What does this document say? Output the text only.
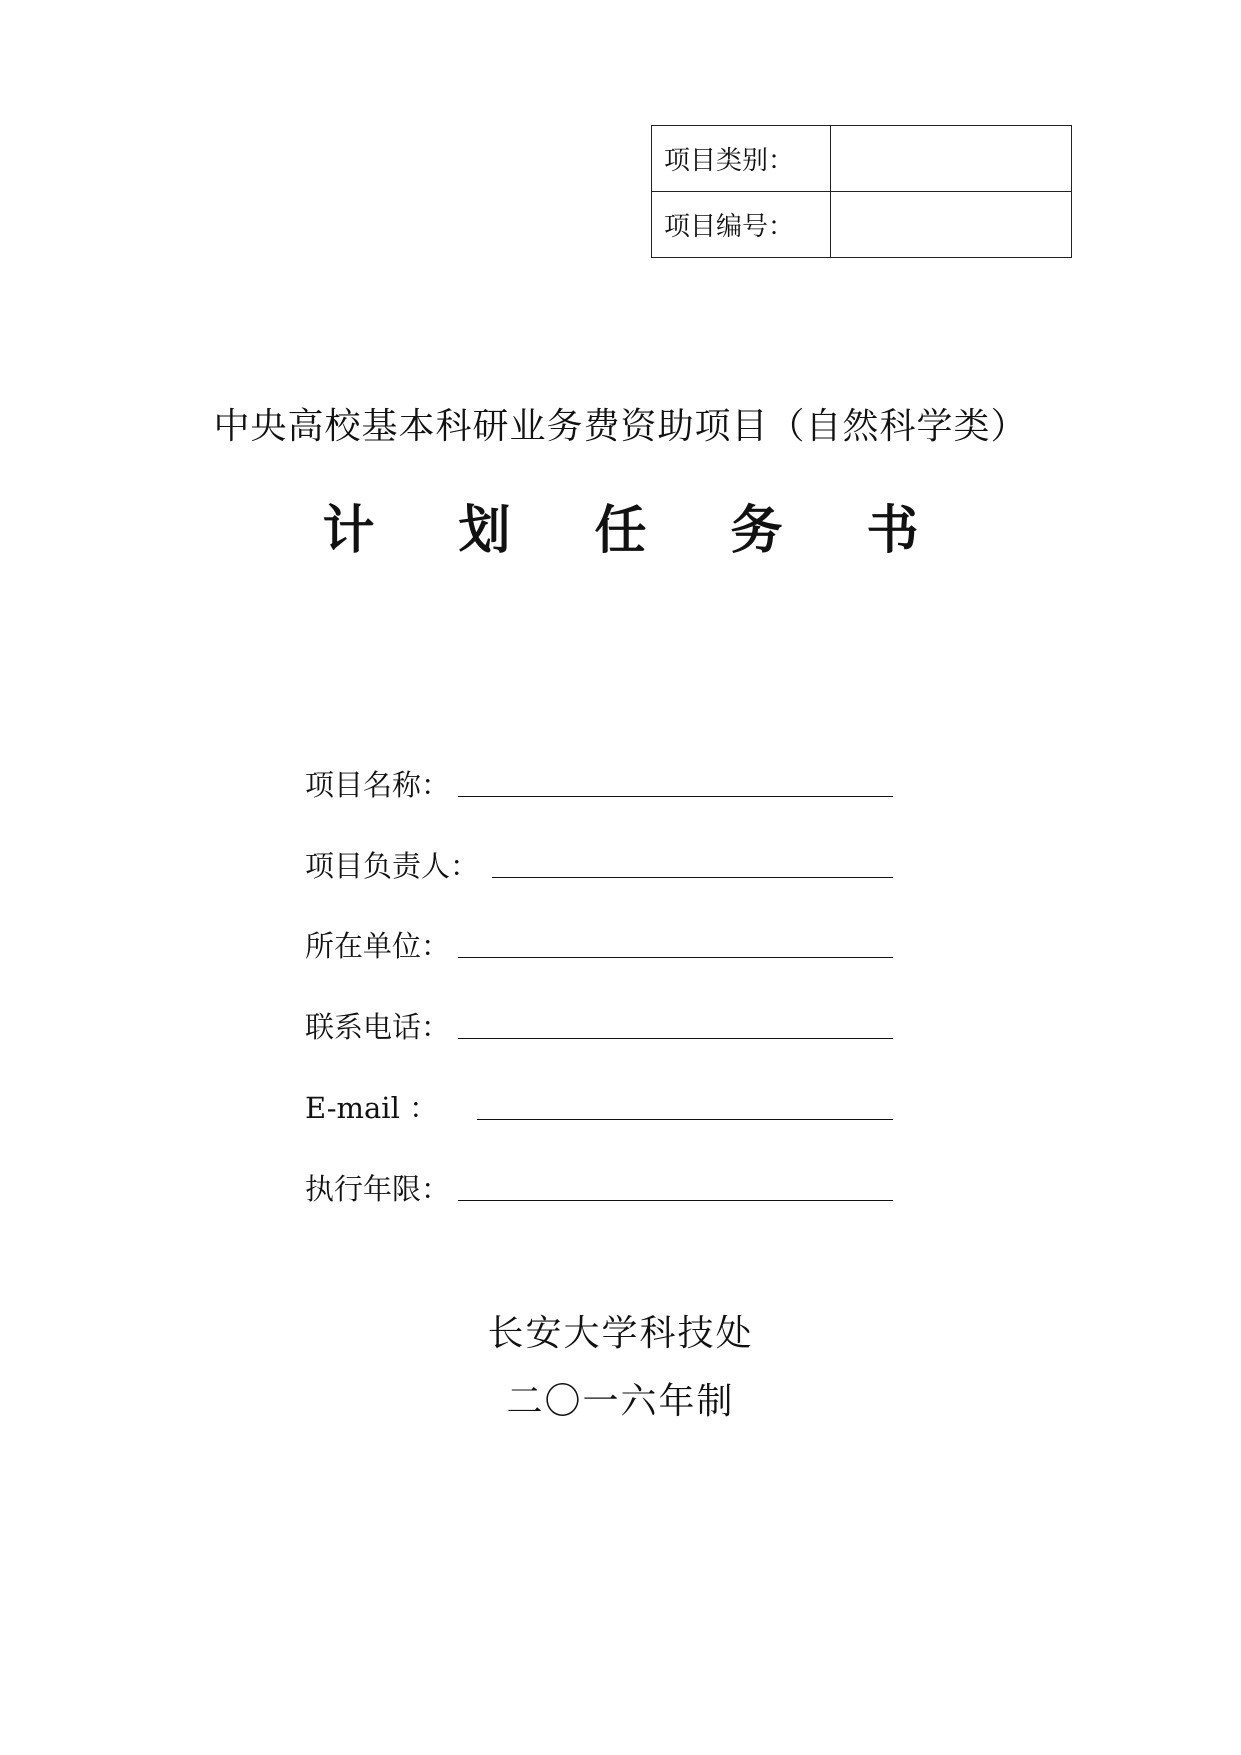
项目类别：	
项目编号：	
中央高校基本科研业务费资助项目（自然科学类）
计划任务书
项目名称：
项目负责人：
所在单位：
联系电话：
E-mail ：
执行年限：
长安大学科技处
二〇一六年制
